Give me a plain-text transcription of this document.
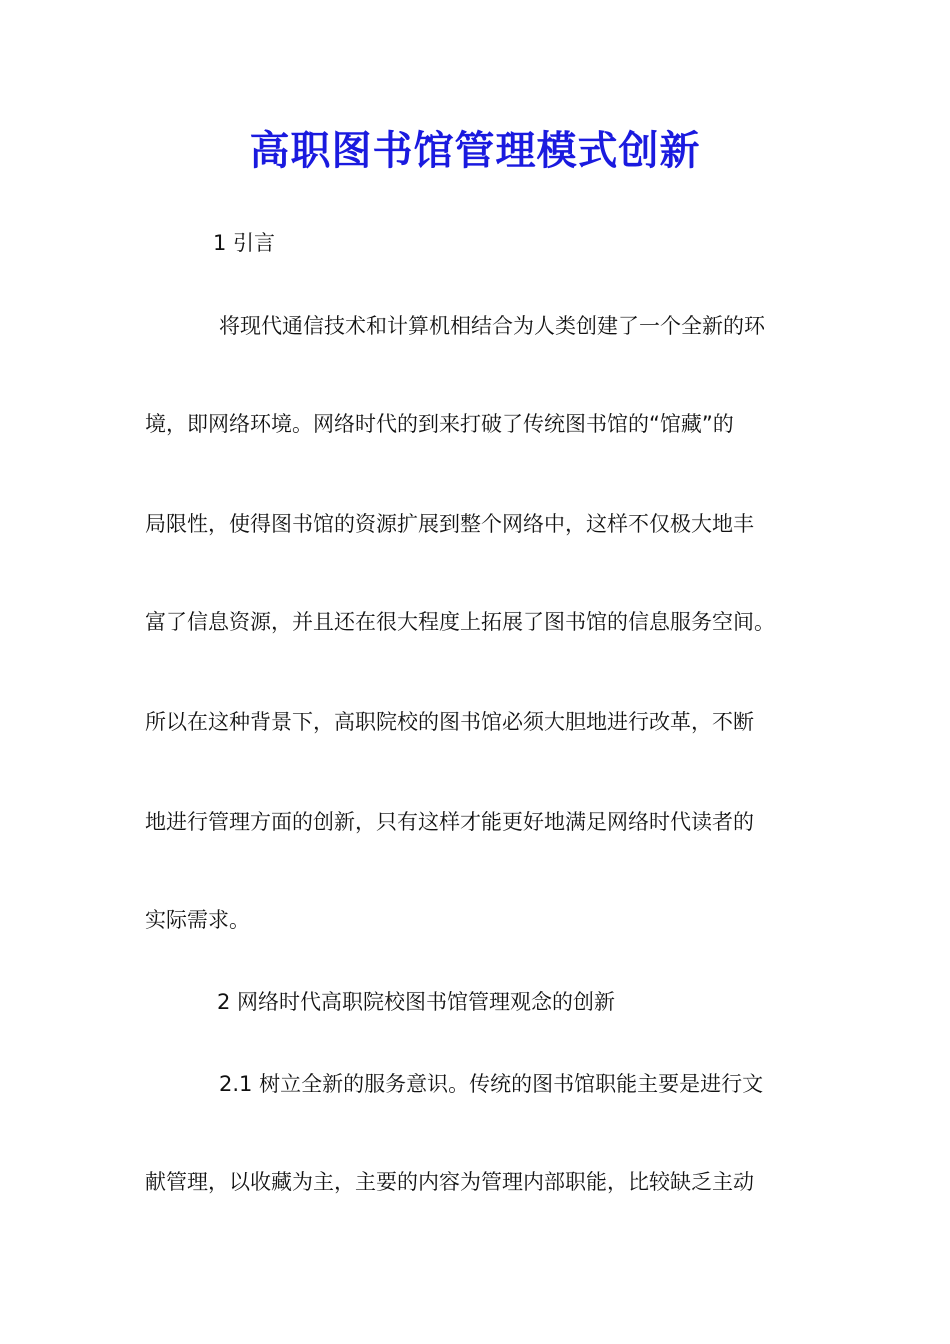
高职图书馆管理模式创新
1 引言
将现代通信技术和计算机相结合为人类创建了一个全新的环
境，即网络环境。网络时代的到来打破了传统图书馆的“馆藏”的
局限性，使得图书馆的资源扩展到整个网络中，这样不仅极大地丰
富了信息资源，并且还在很大程度上拓展了图书馆的信息服务空间。
所以在这种背景下，高职院校的图书馆必须大胆地进行改革，不断
地进行管理方面的创新，只有这样才能更好地满足网络时代读者的
实际需求。
2 网络时代高职院校图书馆管理观念的创新
2.1 树立全新的服务意识。传统的图书馆职能主要是进行文
献管理，以收藏为主，主要的内容为管理内部职能，比较缺乏主动
